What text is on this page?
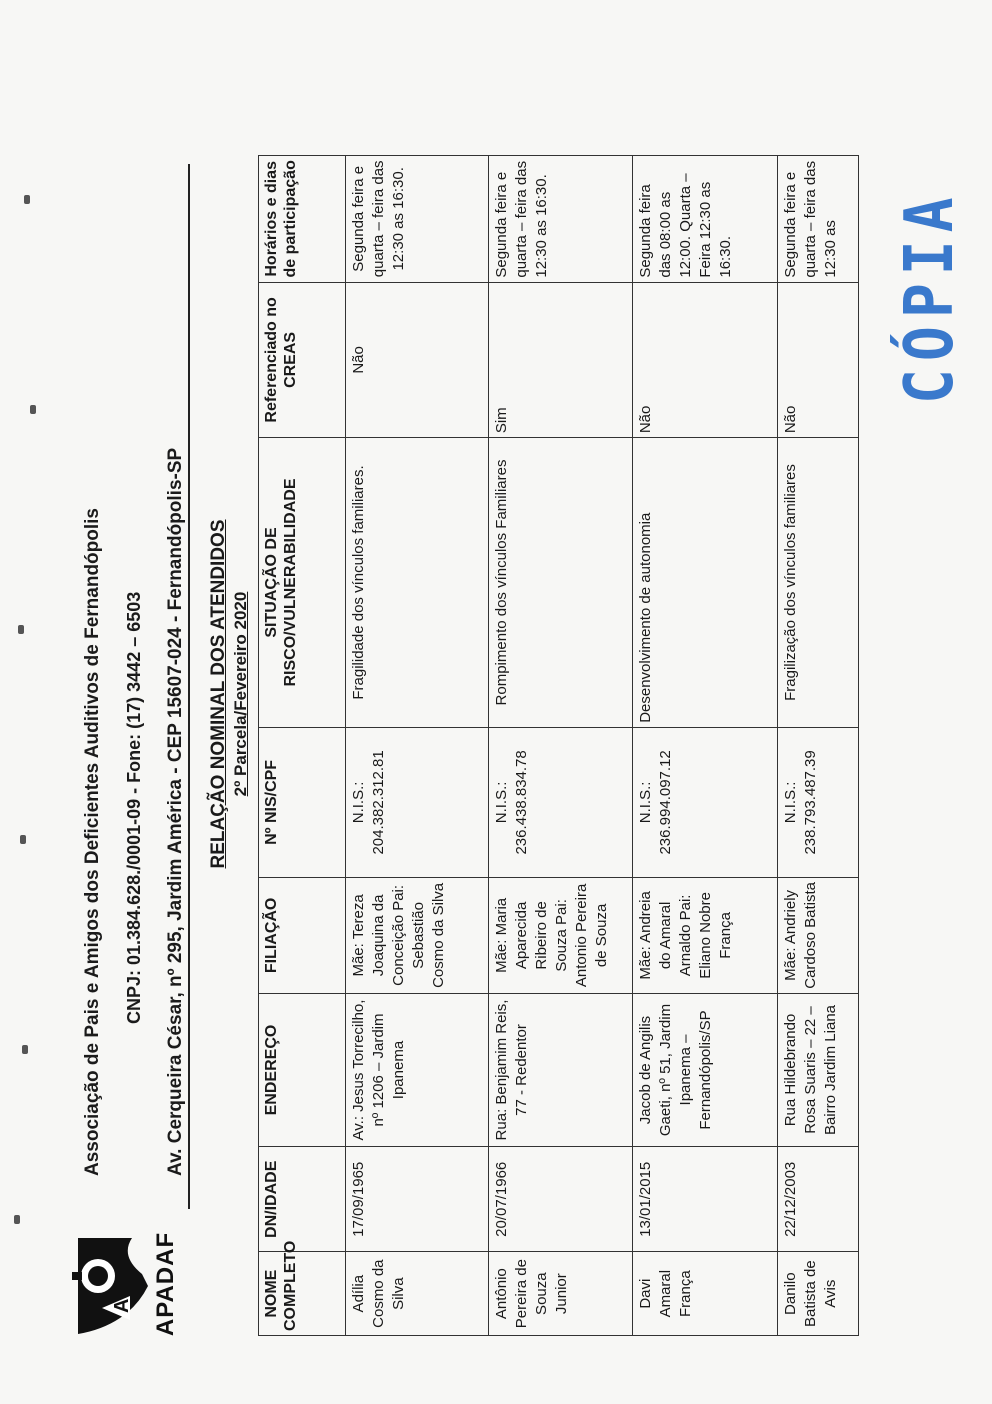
A APADAF
Associação de Pais e Amigos dos Deficientes Auditivos de Fernandópolis CNPJ: 01.384.628./0001-09 - Fone: (17) 3442 – 6503 Av. Cerqueira César, nº 295, Jardim América - CEP 15607-024 - Fernandópolis-SP RELAÇÃO NOMINAL DOS ATENDIDOS 2º Parcela/Fevereiro 2020
NOME COMPLETO	DN/IDADE	ENDEREÇO	FILIAÇÃO	Nº NIS/CPF	SITUAÇÃO DE RISCO/VULNERABILIDADE	Referenciado no CREAS	Horários e dias de participação
Adília Cosmo da Silva	17/09/1965	Av.: Jesus Torrecilho, nº 1206 – Jardim Ipanema	Mãe: Tereza Joaquina da Conceição Pai: Sebastião Cosmo da Silva	N.I.S.: 204.382.312.81	Fragilidade dos vínculos familiares.	Não	Segunda feira e quarta – feira das 12:30 as 16:30.
Antônio Pereira de Souza Junior	20/07/1966	Rua: Benjamim Reis, 77 - Redentor	Mãe: Maria Aparecida Ribeiro de Souza Pai: Antonio Pereira de Souza	N.I.S.: 236.438.834.78	Rompimento dos vínculos Familiares	Sim	Segunda feira e quarta – feira das 12:30 as 16:30.
Davi Amaral França	13/01/2015	Jacob de Angilis Gaeti, nº 51, Jardim Ipanema – Fernandópolis/SP	Mãe: Andreia do Amaral Arnaldo Pai: Eliano Nobre França	N.I.S.: 236.994.097.12	Desenvolvimento de autonomia	Não	Segunda feira das 08:00 as 12:00. Quarta – Feira 12:30 as 16:30.
Danilo Batista de Avis	22/12/2003	Rua Hildebrando Rosa Suaris – 22 – Bairro Jardim Liana	Mãe: Andriely Cardoso Batista	N.I.S.: 238.793.487.39	Fragilização dos vínculos familiares	Não	Segunda feira e quarta – feira das 12:30 as CÓPIA
